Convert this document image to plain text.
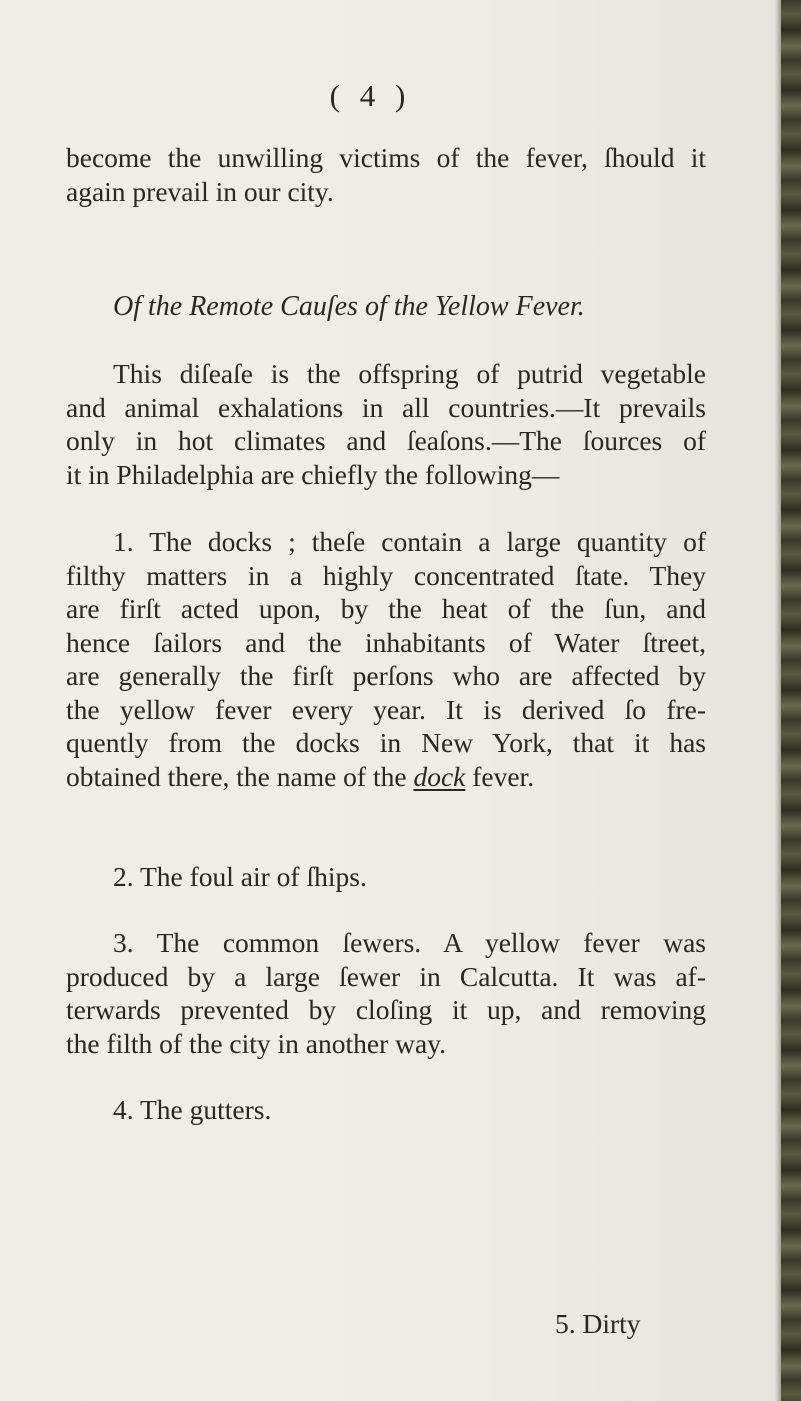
( 4 )
become the unwilling victims of the fever, ſhould it
again prevail in our city.
Of the Remote Cauſes of the Yellow Fever.
This diſeaſe is the offspring of putrid vegetable
and animal exhalations in all countries.—It prevails
only in hot climates and ſeaſons.—The ſources of
it in Philadelphia are chiefly the following—
1. The docks ; theſe contain a large quantity of
filthy matters in a highly concentrated ſtate. They
are firſt acted upon, by the heat of the ſun, and
hence ſailors and the inhabitants of Water ſtreet,
are generally the firſt perſons who are affected by
the yellow fever every year. It is derived ſo fre-
quently from the docks in New York, that it has
obtained there, the name of the dock fever.
2. The foul air of ſhips.
3. The common ſewers. A yellow fever was
produced by a large ſewer in Calcutta. It was af-
terwards prevented by cloſing it up, and removing
the filth of the city in another way.
4. The gutters.
5. Dirty
